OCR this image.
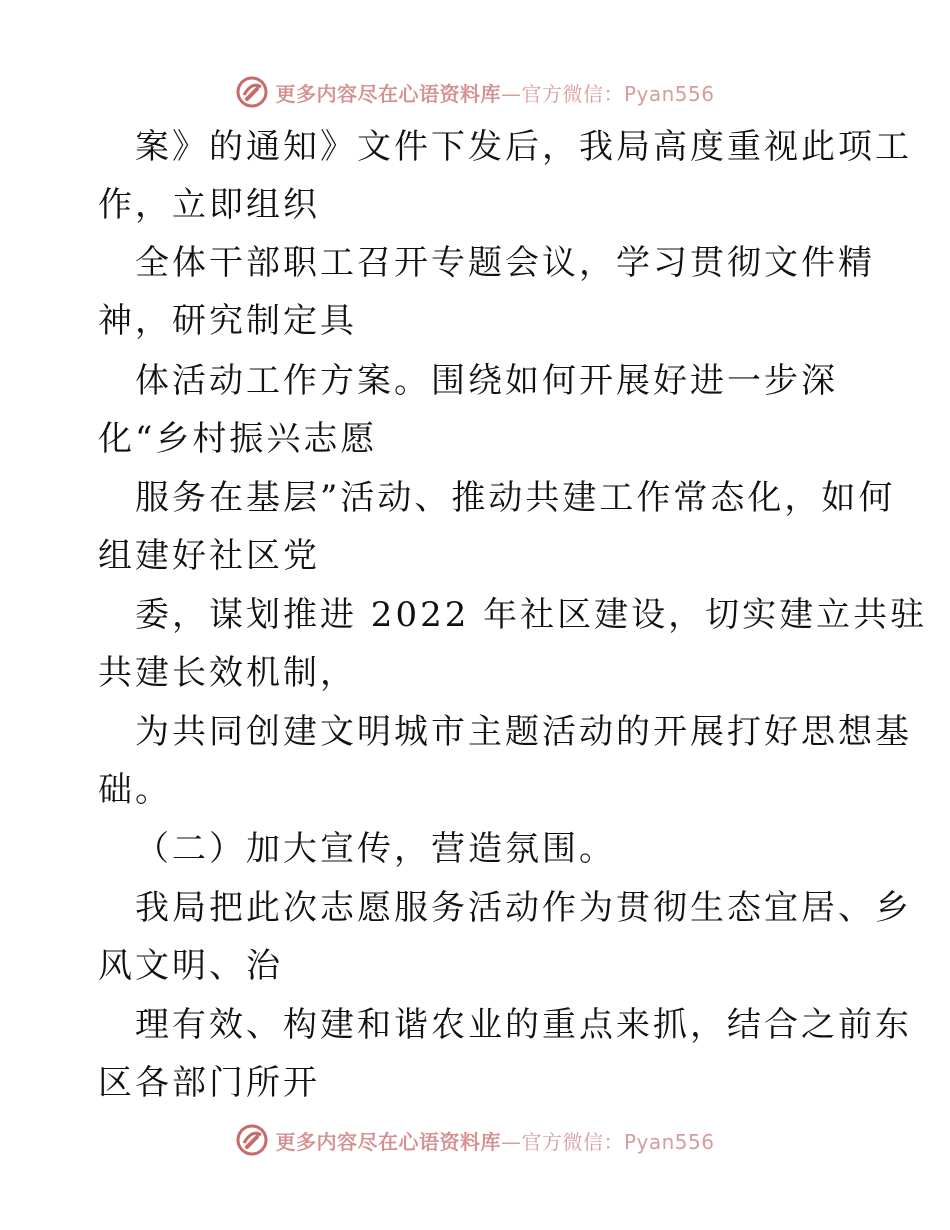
更多内容尽在心语资料库—官方微信：Pyan556
案》的通知》文件下发后，我局高度重视此项工
作，立即组织
全体干部职工召开专题会议，学习贯彻文件精
神，研究制定具
体活动工作方案。围绕如何开展好进一步深
化“乡村振兴志愿
服务在基层”活动、推动共建工作常态化，如何
组建好社区党
委，谋划推进 2022 年社区建设，切实建立共驻
共建长效机制，
为共同创建文明城市主题活动的开展打好思想基
础。
（二）加大宣传，营造氛围。
我局把此次志愿服务活动作为贯彻生态宜居、乡
风文明、治
理有效、构建和谐农业的重点来抓，结合之前东
区各部门所开
更多内容尽在心语资料库—官方微信：Pyan556
